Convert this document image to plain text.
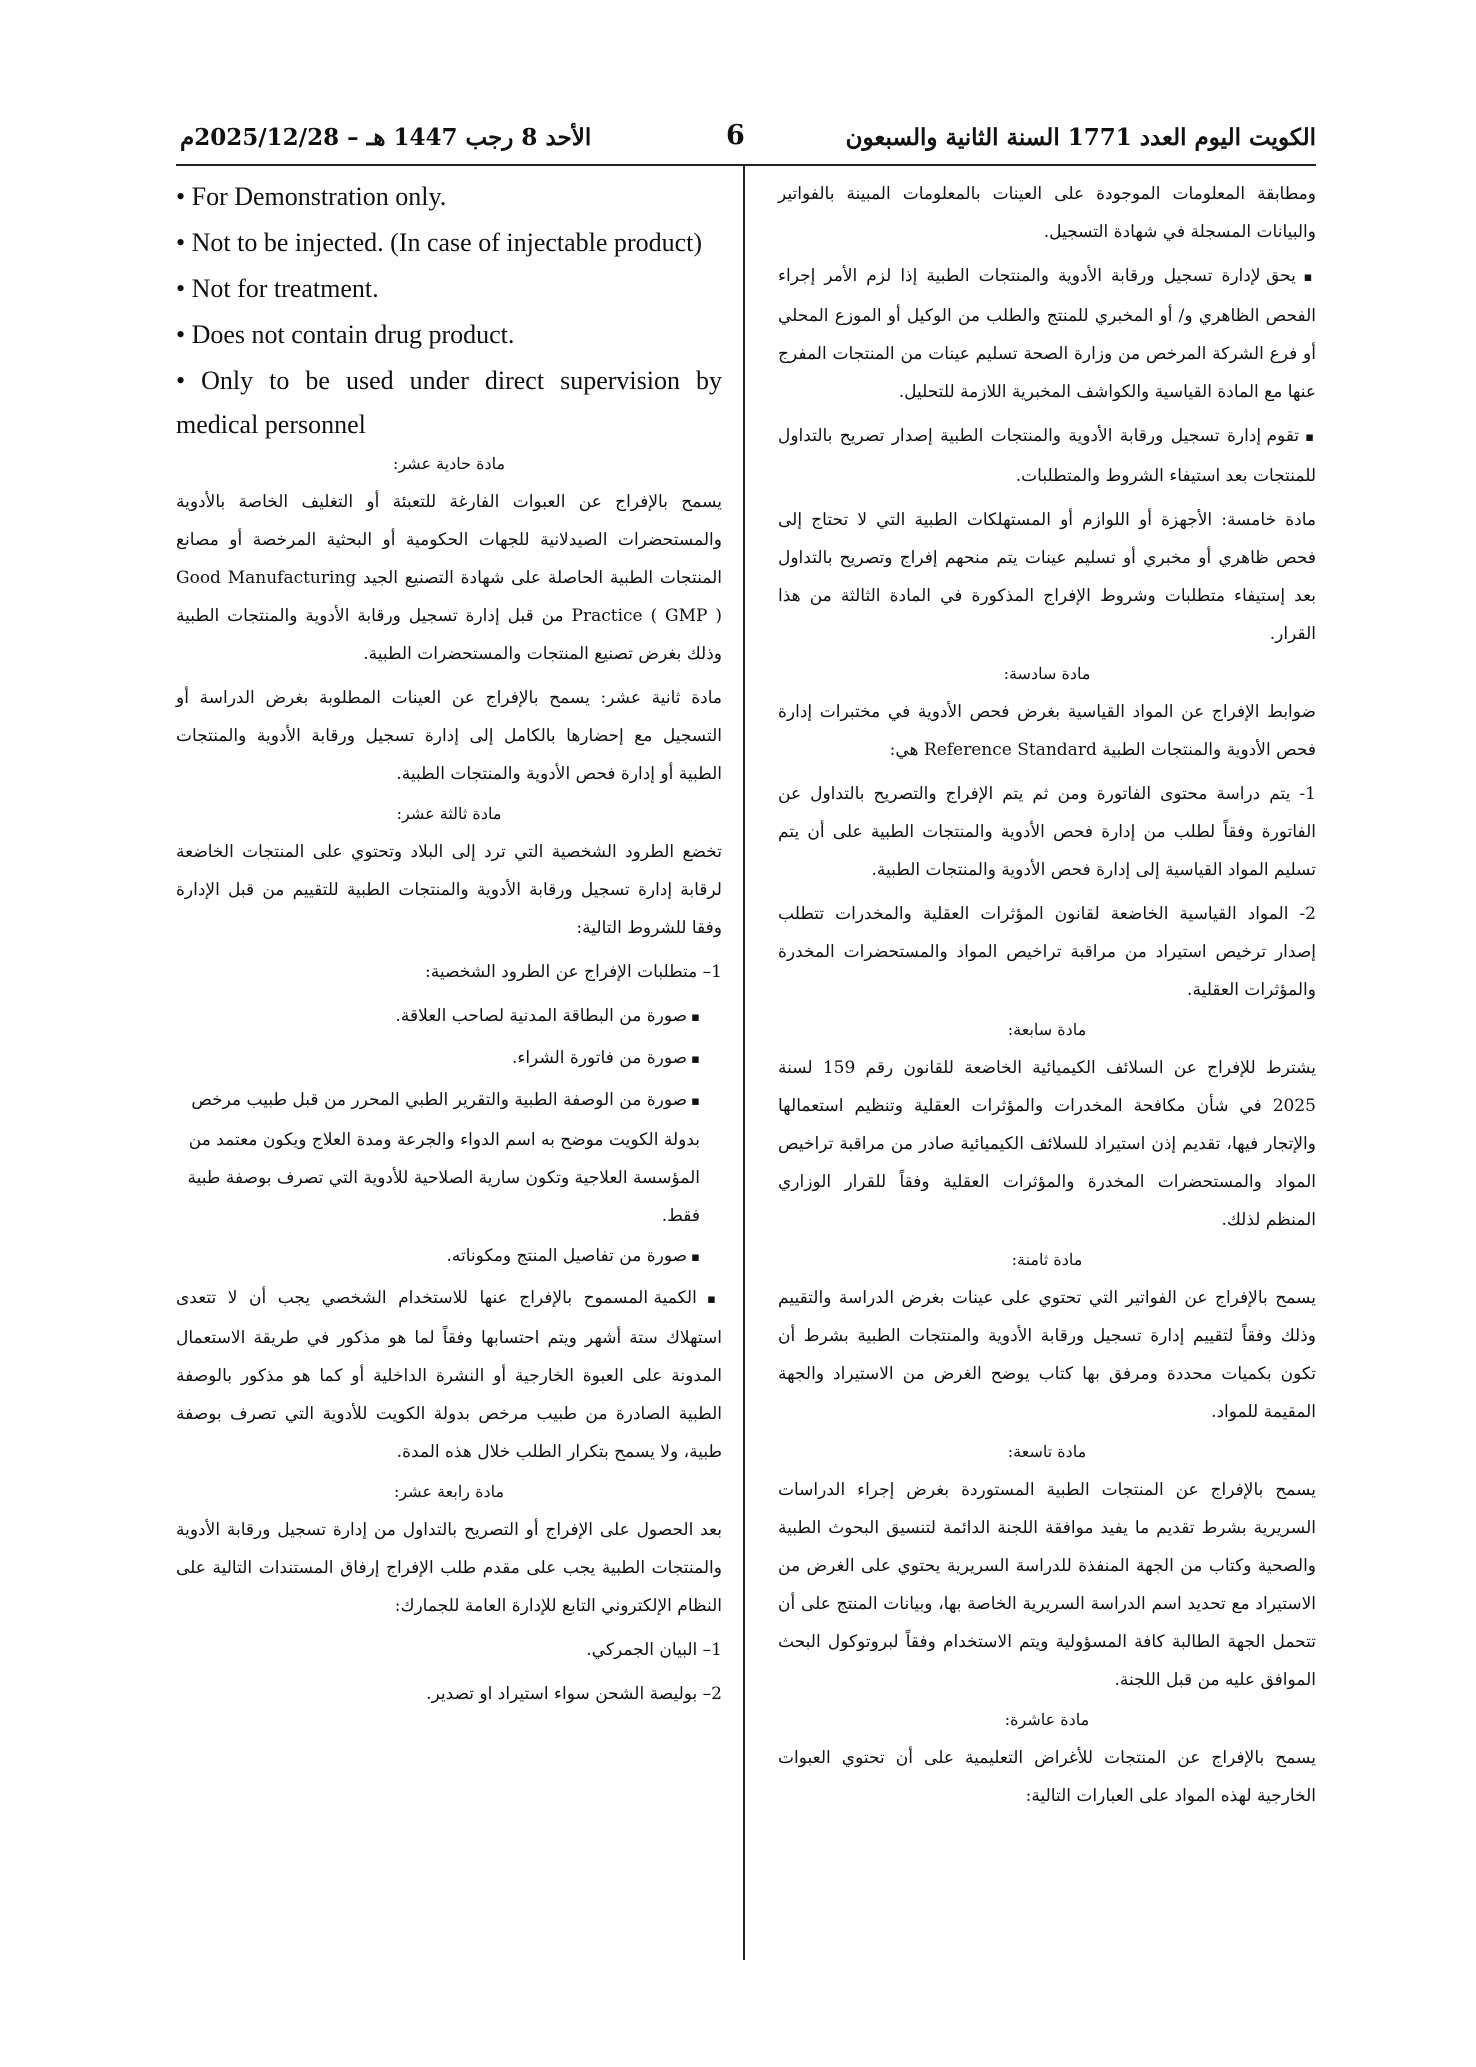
الكويت اليوم العدد 1771 السنة الثانية والسبعون
6
الأحد 8 رجب 1447 هـ – 2025/12/28م

ومطابقة المعلومات الموجودة على العينات بالمعلومات المبينة بالفواتير والبيانات المسجلة في شهادة التسجيل.

▪ يحق لإدارة تسجيل ورقابة الأدوية والمنتجات الطبية إذا لزم الأمر إجراء الفحص الظاهري و/ أو المخبري للمنتج والطلب من الوكيل أو الموزع المحلي أو فرع الشركة المرخص من وزارة الصحة تسليم عينات من المنتجات المفرج عنها مع المادة القياسية والكواشف المخبرية اللازمة للتحليل.

▪ تقوم إدارة تسجيل ورقابة الأدوية والمنتجات الطبية إصدار تصريح بالتداول للمنتجات بعد استيفاء الشروط والمتطلبات.

مادة خامسة: الأجهزة أو اللوازم أو المستهلكات الطبية التي لا تحتاج إلى فحص ظاهري أو مخبري أو تسليم عينات يتم منحهم إفراج وتصريح بالتداول بعد إستيفاء متطلبات وشروط الإفراج المذكورة في المادة الثالثة من هذا القرار.

مادة سادسة:

ضوابط الإفراج عن المواد القياسية بغرض فحص الأدوية في مختبرات إدارة فحص الأدوية والمنتجات الطبية Reference Standard هي:

1- يتم دراسة محتوى الفاتورة ومن ثم يتم الإفراج والتصريح بالتداول عن الفاتورة وفقاً لطلب من إدارة فحص الأدوية والمنتجات الطبية على أن يتم تسليم المواد القياسية إلى إدارة فحص الأدوية والمنتجات الطبية.

2- المواد القياسية الخاضعة لقانون المؤثرات العقلية والمخدرات تتطلب إصدار ترخيص استيراد من مراقبة تراخيص المواد والمستحضرات المخدرة والمؤثرات العقلية.

مادة سابعة:

يشترط للإفراج عن السلائف الكيميائية الخاضعة للقانون رقم 159 لسنة 2025 في شأن مكافحة المخدرات والمؤثرات العقلية وتنظيم استعمالها والإتجار فيها، تقديم إذن استيراد للسلائف الكيميائية صادر من مراقبة تراخيص المواد والمستحضرات المخدرة والمؤثرات العقلية وفقاً للقرار الوزاري المنظم لذلك.

مادة ثامنة:

يسمح بالإفراج عن الفواتير التي تحتوي على عينات بغرض الدراسة والتقييم وذلك وفقاً لتقييم إدارة تسجيل ورقابة الأدوية والمنتجات الطبية بشرط أن تكون بكميات محددة ومرفق بها كتاب يوضح الغرض من الاستيراد والجهة المقيمة للمواد.

مادة تاسعة:

يسمح بالإفراج عن المنتجات الطبية المستوردة بغرض إجراء الدراسات السريرية بشرط تقديم ما يفيد موافقة اللجنة الدائمة لتنسيق البحوث الطبية والصحية وكتاب من الجهة المنفذة للدراسة السريرية يحتوي على الغرض من الاستيراد مع تحديد اسم الدراسة السريرية الخاصة بها، وبيانات المنتج على أن تتحمل الجهة الطالبة كافة المسؤولية ويتم الاستخدام وفقاً لبروتوكول البحث الموافق عليه من قبل اللجنة.

مادة عاشرة:

يسمح بالإفراج عن المنتجات للأغراض التعليمية على أن تحتوي العبوات الخارجية لهذه المواد على العبارات التالية:

• For Demonstration only.

• Not to be injected. (In case of injectable product)

• Not for treatment.

• Does not contain drug product.

• Only to be used under direct supervision by medical personnel

مادة حادية عشر:

يسمح بالإفراج عن العبوات الفارغة للتعبئة أو التغليف الخاصة بالأدوية والمستحضرات الصيدلانية للجهات الحكومية أو البحثية المرخصة أو مصانع المنتجات الطبية الحاصلة على شهادة التصنيع الجيد Good Manufacturing Practice ( GMP ) من قبل إدارة تسجيل ورقابة الأدوية والمنتجات الطبية وذلك بغرض تصنيع المنتجات والمستحضرات الطبية.

مادة ثانية عشر: يسمح بالإفراج عن العينات المطلوبة بغرض الدراسة أو التسجيل مع إحضارها بالكامل إلى إدارة تسجيل ورقابة الأدوية والمنتجات الطبية أو إدارة فحص الأدوية والمنتجات الطبية.

مادة ثالثة عشر:

تخضع الطرود الشخصية التي ترد إلى البلاد وتحتوي على المنتجات الخاضعة لرقابة إدارة تسجيل ورقابة الأدوية والمنتجات الطبية للتقييم من قبل الإدارة وفقا للشروط التالية:

1– متطلبات الإفراج عن الطرود الشخصية:

▪ صورة من البطاقة المدنية لصاحب العلاقة.

▪ صورة من فاتورة الشراء.

▪ صورة من الوصفة الطبية والتقرير الطبي المحرر من قبل طبيب مرخص بدولة الكويت موضح به اسم الدواء والجرعة ومدة العلاج ويكون معتمد من المؤسسة العلاجية وتكون سارية الصلاحية للأدوية التي تصرف بوصفة طبية فقط.

▪ صورة من تفاصيل المنتج ومكوناته.

▪ الكمية المسموح بالإفراج عنها للاستخدام الشخصي يجب أن لا تتعدى استهلاك ستة أشهر ويتم احتسابها وفقاً لما هو مذكور في طريقة الاستعمال المدونة على العبوة الخارجية أو النشرة الداخلية أو كما هو مذكور بالوصفة الطبية الصادرة من طبيب مرخص بدولة الكويت للأدوية التي تصرف بوصفة طبية، ولا يسمح بتكرار الطلب خلال هذه المدة.

مادة رابعة عشر:

بعد الحصول على الإفراج أو التصريح بالتداول من إدارة تسجيل ورقابة الأدوية والمنتجات الطبية يجب على مقدم طلب الإفراج إرفاق المستندات التالية على النظام الإلكتروني التابع للإدارة العامة للجمارك:

1– البيان الجمركي.

2– بوليصة الشحن سواء استيراد او تصدير.
